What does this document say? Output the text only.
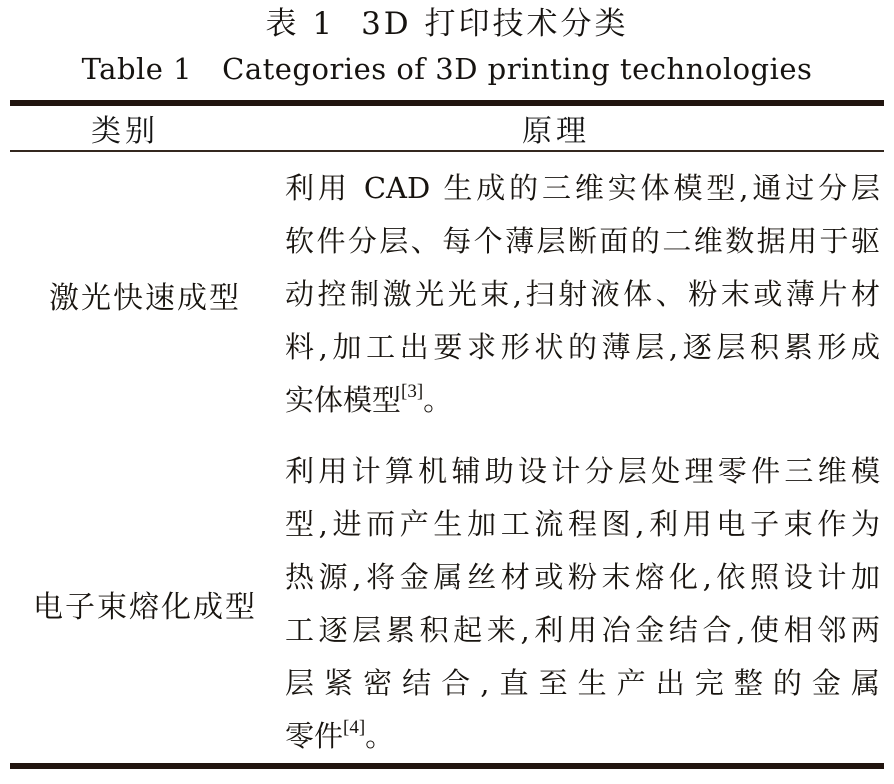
表 1 3D 打印技术分类
Table 1 Categories of 3D printing technologies
类别	原理
激光快速成型
利用 CAD 生成的三维实体模型,通过分层
软件分层、每个薄层断面的二维数据用于驱
动控制激光光束,扫射液体、粉末或薄片材
料,加工出要求形状的薄层,逐层积累形成
实体模型[3]。
电子束熔化成型
利用计算机辅助设计分层处理零件三维模
型,进而产生加工流程图,利用电子束作为
热源,将金属丝材或粉末熔化,依照设计加
工逐层累积起来,利用冶金结合,使相邻两
层紧密结合,直至生产出完整的金属
零件[4]。
